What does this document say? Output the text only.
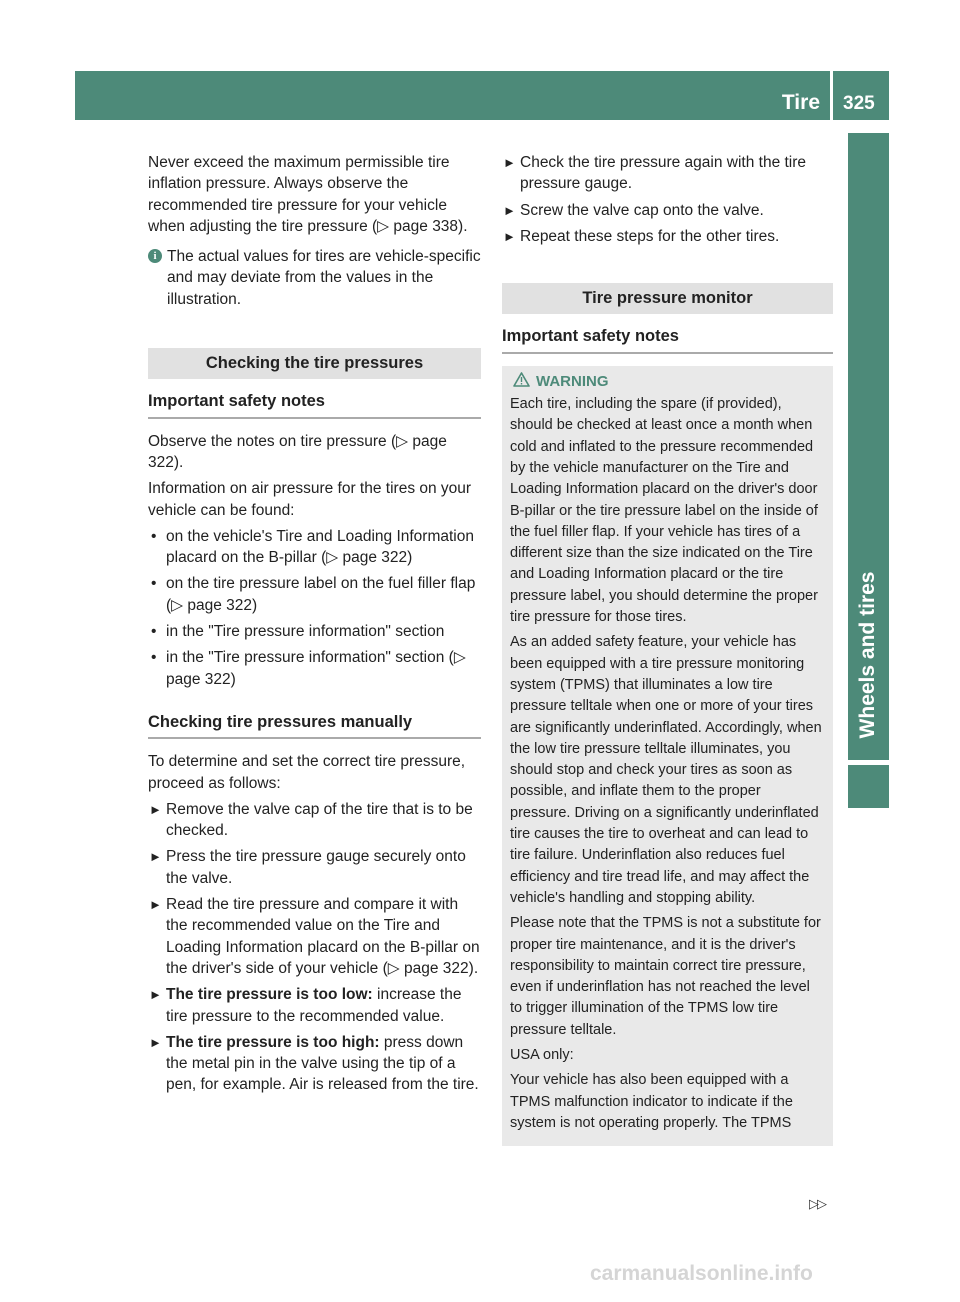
Tire pressure
325
Wheels and tires

Never exceed the maximum permissible tire inflation pressure. Always observe the recommended tire pressure for your vehicle when adjusting the tire pressure (▷ page 338).

i The actual values for tires are vehicle-specific and may deviate from the values in the illustration.
Checking the tire pressures
Important safety notes

Observe the notes on tire pressure (▷ page 322).

Information on air pressure for the tires on your vehicle can be found:

• on the vehicle's Tire and Loading Information placard on the B-pillar (▷ page 322)
• on the tire pressure label on the fuel filler flap (▷ page 322)
• in the "Tire pressure information" section
• in the "Tire pressure information" section (▷ page 322)
Checking tire pressures manually

To determine and set the correct tire pressure, proceed as follows:

► Remove the valve cap of the tire that is to be checked.
► Press the tire pressure gauge securely onto the valve.
► Read the tire pressure and compare it with the recommended value on the Tire and Loading Information placard on the B-pillar on the driver's side of your vehicle (▷ page 322).
► The tire pressure is too low: increase the tire pressure to the recommended value.
► The tire pressure is too high: press down the metal pin in the valve using the tip of a pen, for example. Air is released from the tire.
► Check the tire pressure again with the tire pressure gauge.
► Screw the valve cap onto the valve.
► Repeat these steps for the other tires.
Tire pressure monitor
Important safety notes
WARNING

Each tire, including the spare (if provided), should be checked at least once a month when cold and inflated to the pressure recommended by the vehicle manufacturer on the Tire and Loading Information placard on the driver's door B-pillar or the tire pressure label on the inside of the fuel filler flap. If your vehicle has tires of a different size than the size indicated on the Tire and Loading Information placard or the tire pressure label, you should determine the proper tire pressure for those tires.

As an added safety feature, your vehicle has been equipped with a tire pressure monitoring system (TPMS) that illuminates a low tire pressure telltale when one or more of your tires are significantly underinflated. Accordingly, when the low tire pressure telltale illuminates, you should stop and check your tires as soon as possible, and inflate them to the proper pressure. Driving on a significantly underinflated tire causes the tire to overheat and can lead to tire failure. Underinflation also reduces fuel efficiency and tire tread life, and may affect the vehicle's handling and stopping ability.

Please note that the TPMS is not a substitute for proper tire maintenance, and it is the driver's responsibility to maintain correct tire pressure, even if underinflation has not reached the level to trigger illumination of the TPMS low tire pressure telltale.

USA only:

Your vehicle has also been equipped with a TPMS malfunction indicator to indicate if the system is not operating properly. The TPMS

▷▷
carmanualsonline.info
